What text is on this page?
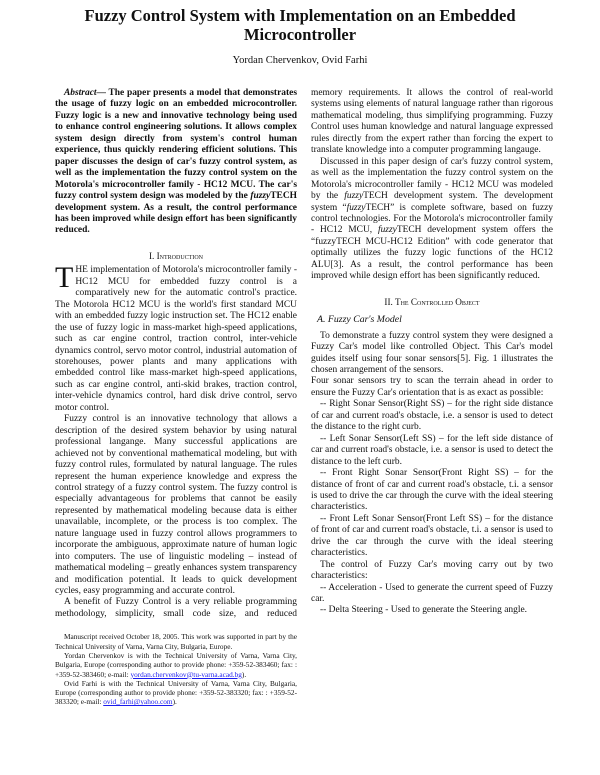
Fuzzy Control System with Implementation on an Embedded
Microcontroller
Yordan Chervenkov, Ovid Farhi

Abstract— The paper presents a model that demonstrates the usage of fuzzy logic on an embedded microcontroller. Fuzzy logic is a new and innovative technology being used to enhance control engineering solutions. It allows complex system design directly from system's control human experience, thus quickly rendering efficient solutions. This paper discusses the design of car's fuzzy control system, as well as the implementation the fuzzy control system on the Motorola's microcontroller family - HC12 MCU. The car's fuzzy control system design was modeled by the fuzzyTECH development system. As a result, the control performance has been improved while design effort has been significantly reduced.

I. Introduction

THE implementation of Motorola's microcontroller family - HC12 MCU for embedded fuzzy control is a comparatively new for the automatic control's practice. The Motorola HC12 MCU is the world's first standard MCU with an embedded fuzzy logic instruction set. The HC12 enable the use of fuzzy logic in mass-market high-speed applications, such as car engine control, traction control, inter-vehicle dynamics control, servo motor control, industrial automation of storehouses, power plants and many applications with embedded control like mass-market high-speed applications, such as car engine control, anti-skid brakes, traction control, inter-vehicle dynamics control, hard disk drive control, servo motor control.

Fuzzy control is an innovative technology that allows a description of the desired system behavior by using natural professional langange. Many successful applications are achieved not by conventional mathematical modeling, but with fuzzy control rules, formulated by natural language. The rules represent the human experience knowledge and express the control strategy of a fuzzy control system. The fuzzy control is especially advantageous for problems that cannot be easily represented by mathematical modeling because data is either unavailable, incomplete, or the process is too complex. The nature language used in fuzzy control allows programmers to incorporate the ambiguous, approximate nature of human logic into computers. The use of linguistic modeling – instead of mathematical modeling – greatly enhances system transparency and modification potential. It leads to quick development cycles, easy programming and accurate control.

A benefit of Fuzzy Control is a very reliable programming methodology, simplicity, small code size, and reduced

Manuscript received October 18, 2005. This work was supported in part by the Technical University of Varna, Varna City, Bulgaria, Europe.

Yordan Chervenkov is with the Technical University of Varna, Varna City, Bulgaria, Europe (corresponding author to provide phone: +359-52-383460; fax: : +359-52-383460; e-mail: yordan.chervenkov@tu-varna.acad.bg).

Ovid Farhi is with the Technical University of Varna, Varna City, Bulgaria, Europe (corresponding author to provide phone: +359-52-383320; fax: : +359-52-383320; e-mail: ovid_farhi@yahoo.com).

memory requirements. It allows the control of real-world systems using elements of natural language rather than rigorous mathematical modeling, thus simplifying programming. Fuzzy Control uses human knowledge and natural language expressed rules directly from the expert rather than forcing the expert to translate knowledge into a computer programming langauge.

Discussed in this paper design of car's fuzzy control system, as well as the implementation the fuzzy control system on the Motorola's microcontroller family - HC12 MCU was modeled by the fuzzyTECH development system. The development system “fuzzyTECH” is complete software, based on fuzzy control technologies. For the Motorola's microcontroller family - HC12 MCU, fuzzyTECH development system offers the “fuzzyTECH MCU-HC12 Edition” with code generator that optimally utilizes the fuzzy logic functions of the HC12 ALU[3]. As a result, the control performance has been improved while design effort has been significantly reduced.

II. The Controlled Object

A. Fuzzy Car's Model

To demonstrate a fuzzy control system they were designed a Fuzzy Car's model like controlled Object. This Car's model guides itself using four sonar sensors[5]. Fig. 1 illustrates the chosen arrangement of the sensors.

Four sonar sensors try to scan the terrain ahead in order to ensure the Fuzzy Car's orientation that is as exact as possible:

-- Right Sonar Sensor(Right SS) – for the right side distance of car and current road's obstacle, i.e. a sensor is used to detect the distance to the right curb.

-- Left Sonar Sensor(Left SS) – for the left side distance of car and current road's obstacle, i.e. a sensor is used to detect the distance to the left curb.

-- Front Right Sonar Sensor(Front Right SS) – for the distance of front of car and current road's obstacle, t.i. a sensor is used to drive the car through the curve with the ideal steering characteristics.

-- Front Left Sonar Sensor(Front Left SS) – for the distance of front of car and current road's obstacle, t.i. a sensor is used to drive the car through the curve with the ideal steering characteristics.

The control of Fuzzy Car's moving carry out by two characteristics:

-- Acceleration - Used to generate the current speed of Fuzzy car.

-- Delta Steering - Used to generate the Steering angle.
